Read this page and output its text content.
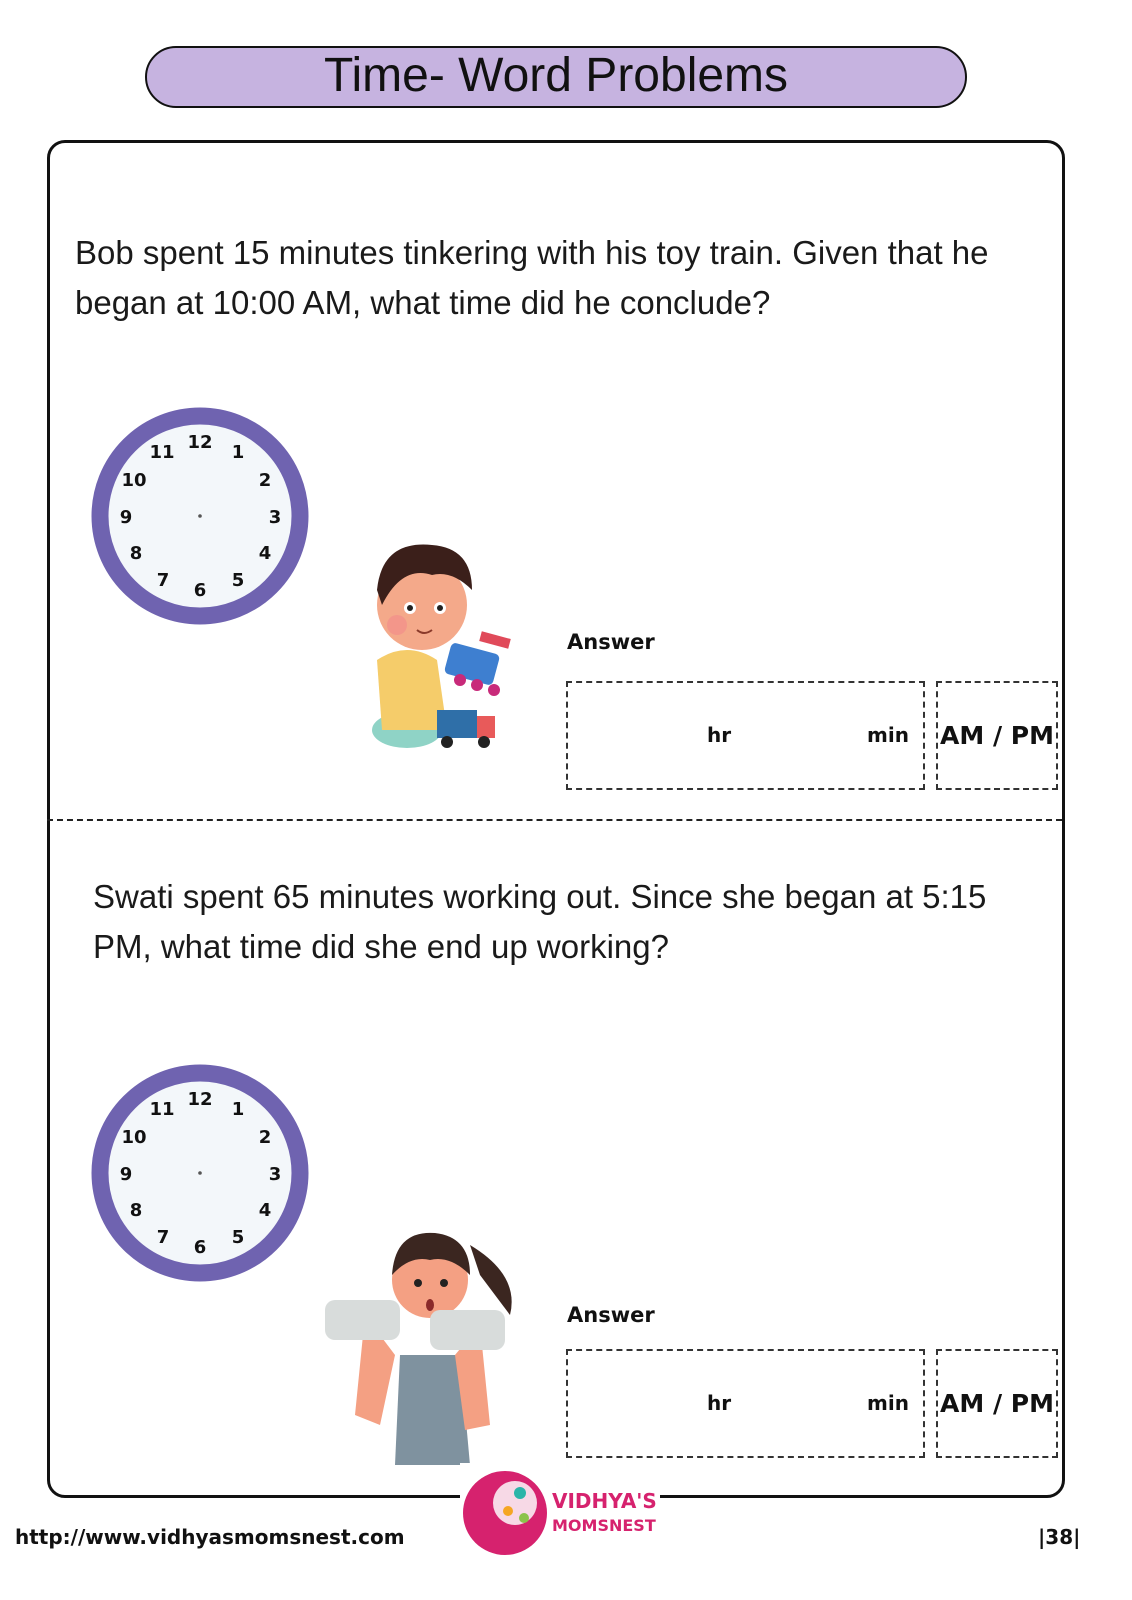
Time- Word Problems
Bob spent 15 minutes tinkering with his toy train. Given that he began at 10:00 AM, what time did he conclude?
12 1
2
3
4
5
6
7
8
9
10
11
Answer
hr	min AM / PM
Swati spent 65 minutes working out. Since she began at 5:15 PM, what time did she end up working?
12 1
2
3
4
5
6
7
8
9
10
11
Answer
hr	min AM / PM
VIDHYA'S
MOMSNEST
http://www.vidhyasmomsnest.com	|38|
